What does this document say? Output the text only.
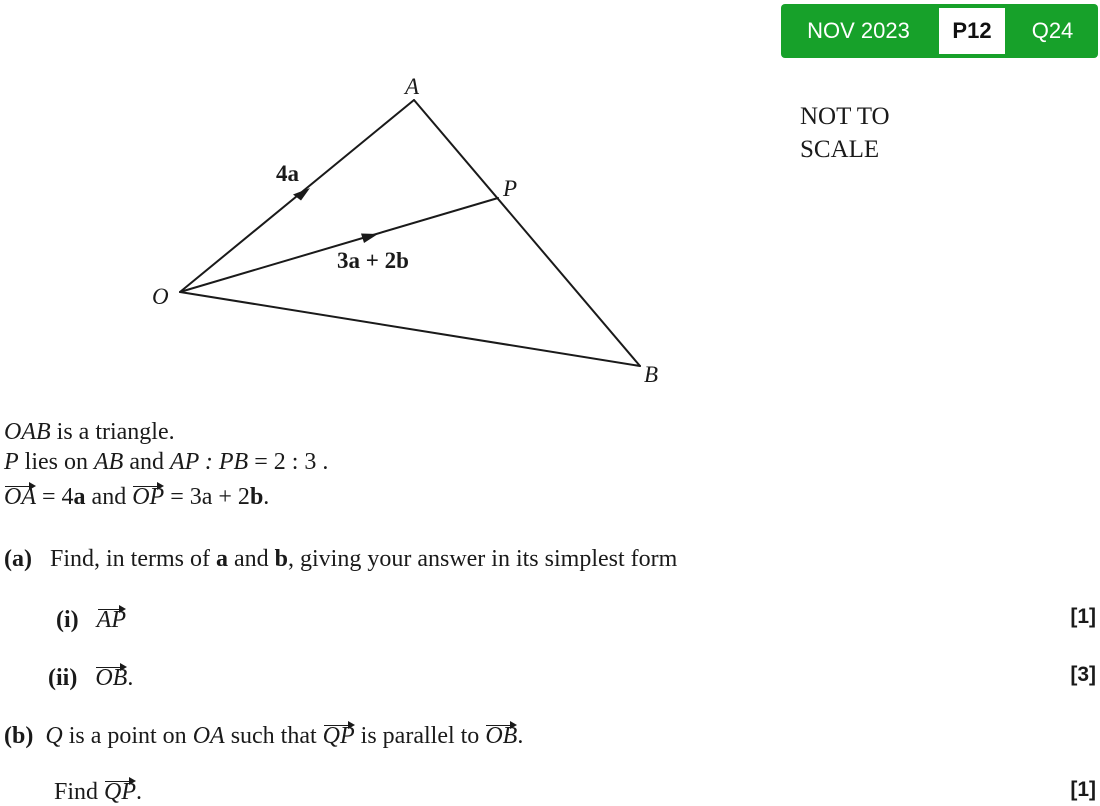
NOV 2023	P12	Q24
NOT TO
SCALE
A
P
O
B
4a
3a + 2b
OAB is a triangle.
P lies on AB and AP : PB = 2 : 3 .
OA = 4a and OP = 3a + 2b.
(a) Find, in terms of a and b, giving your answer in its simplest form
(i) AP	[1]
(ii) OB.	[3]
(b) Q is a point on OA such that QP is parallel to OB.
Find QP.	[1]
